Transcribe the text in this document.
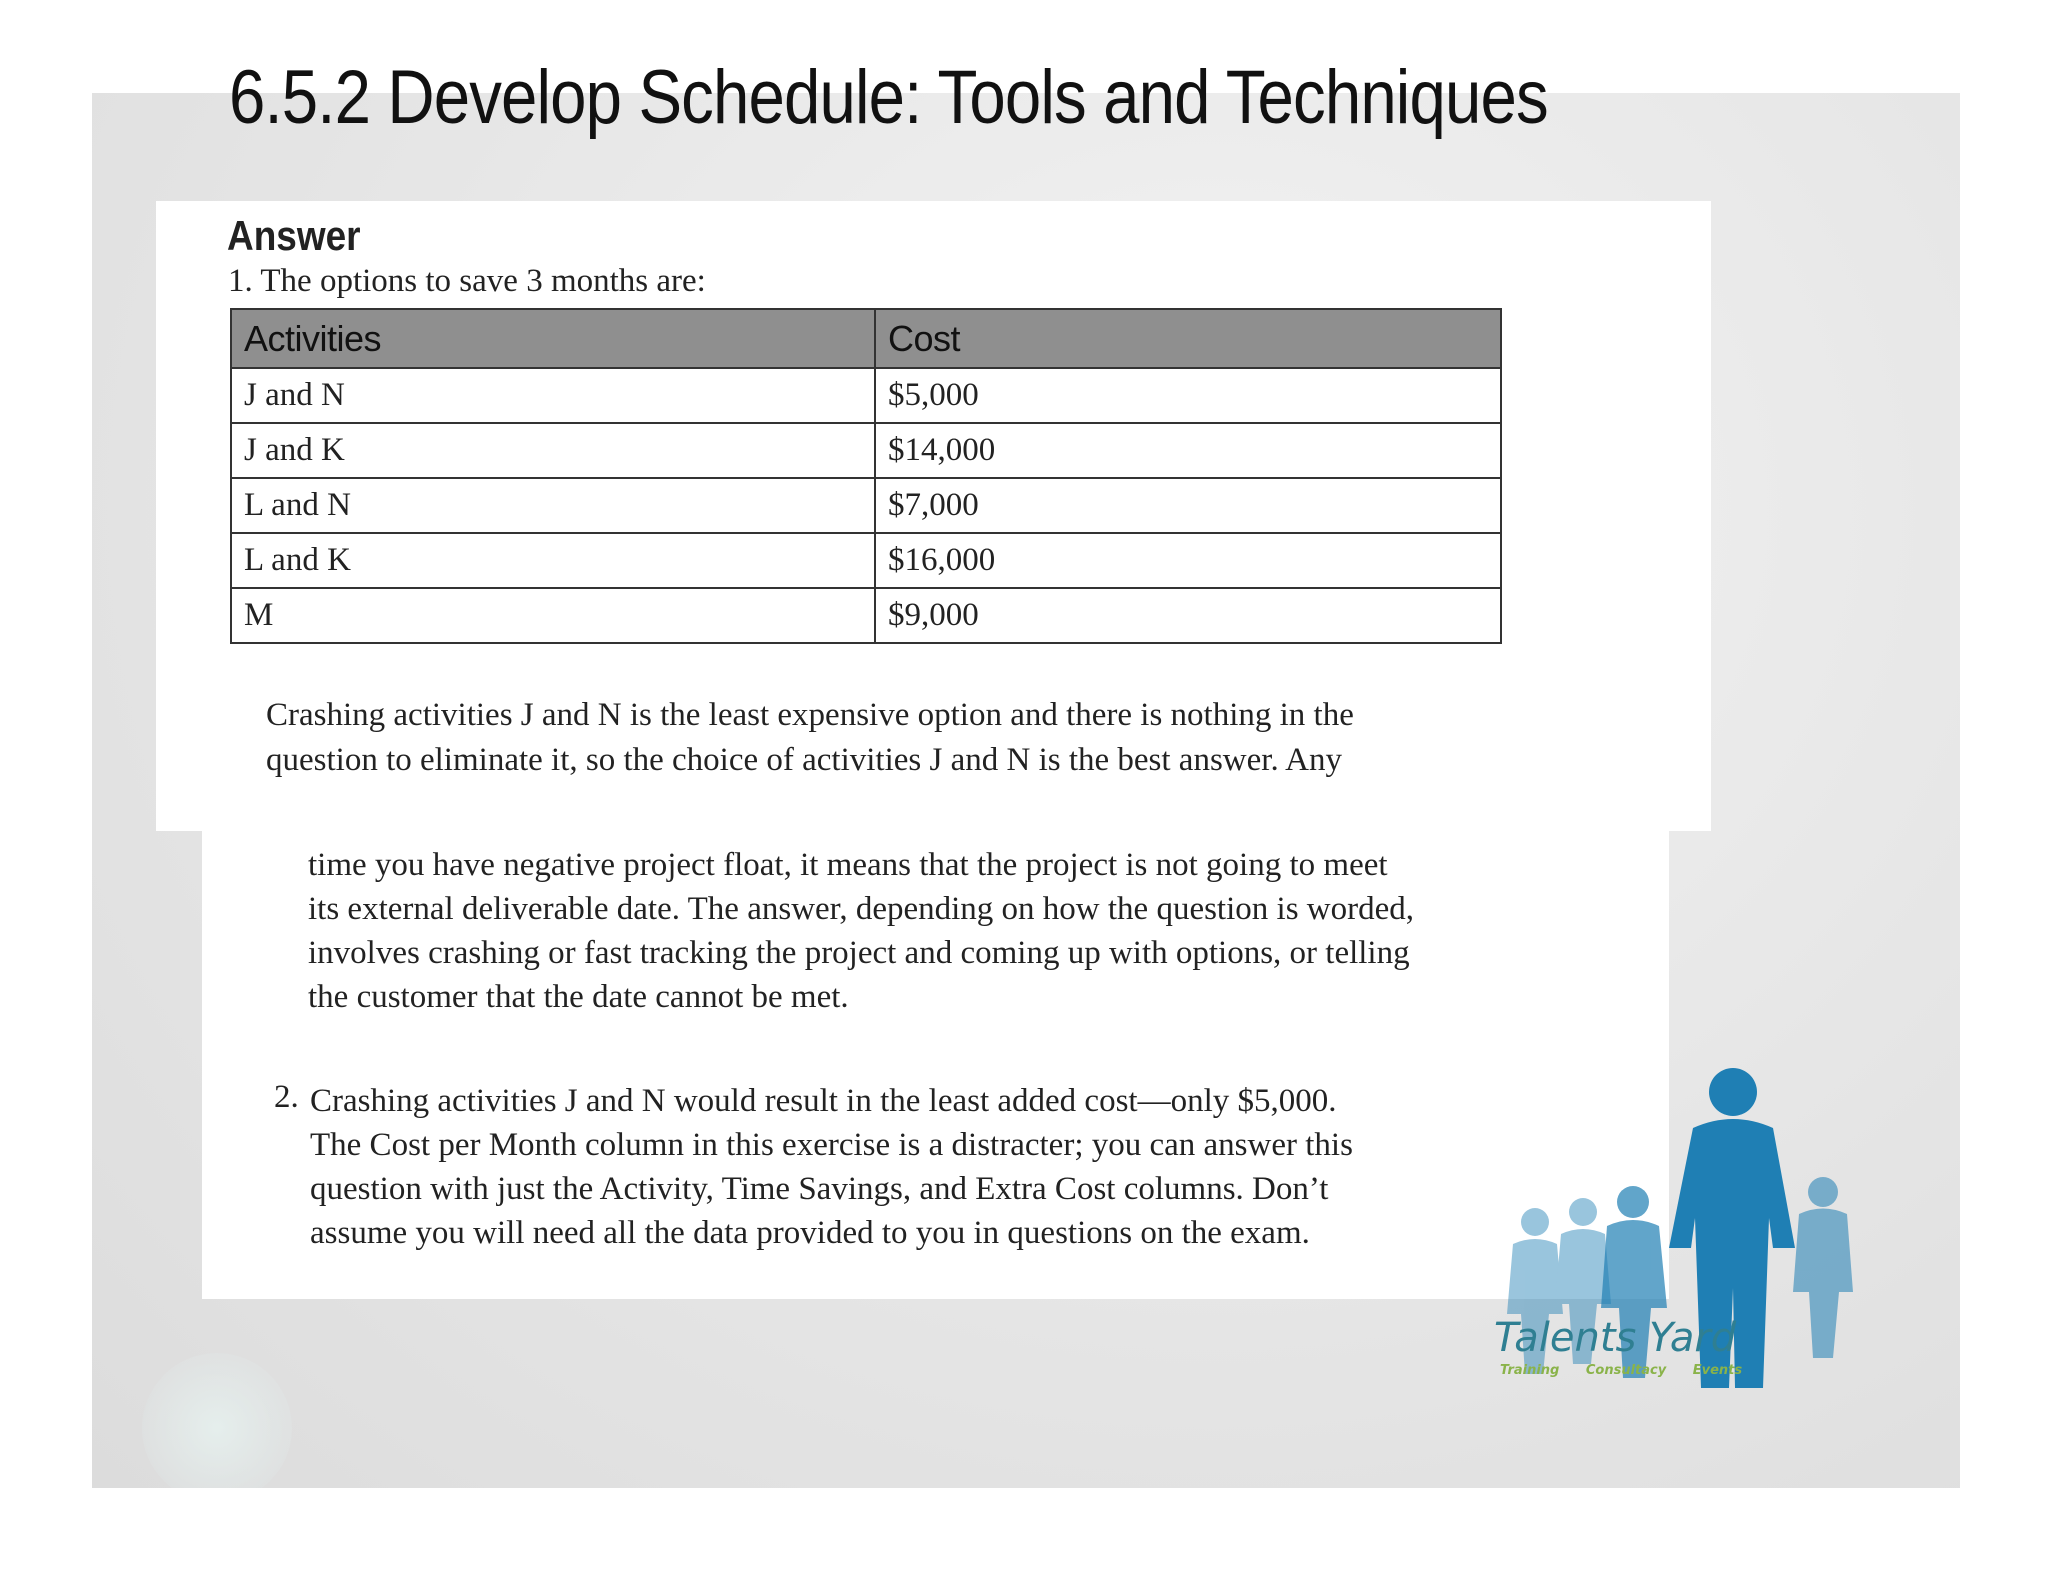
6.5.2 Develop Schedule: Tools and Techniques
Answer
1. The options to save 3 months are:
Activities	Cost
J and N	$5,000
J and K	$14,000
L and N	$7,000
L and K	$16,000
M	$9,000
Crashing activities J and N is the least expensive option and there is nothing in the
question to eliminate it, so the choice of activities J and N is the best answer. Any
time you have negative project float, it means that the project is not going to meet
its external deliverable date. The answer, depending on how the question is worded,
involves crashing or fast tracking the project and coming up with options, or telling
the customer that the date cannot be met.
2. Crashing activities J and N would result in the least added cost—only $5,000.
The Cost per Month column in this exercise is a distracter; you can answer this
question with just the Activity, Time Savings, and Extra Cost columns. Don’t
assume you will need all the data provided to you in questions on the exam.
Talents Yard
Training Consultacy Events
